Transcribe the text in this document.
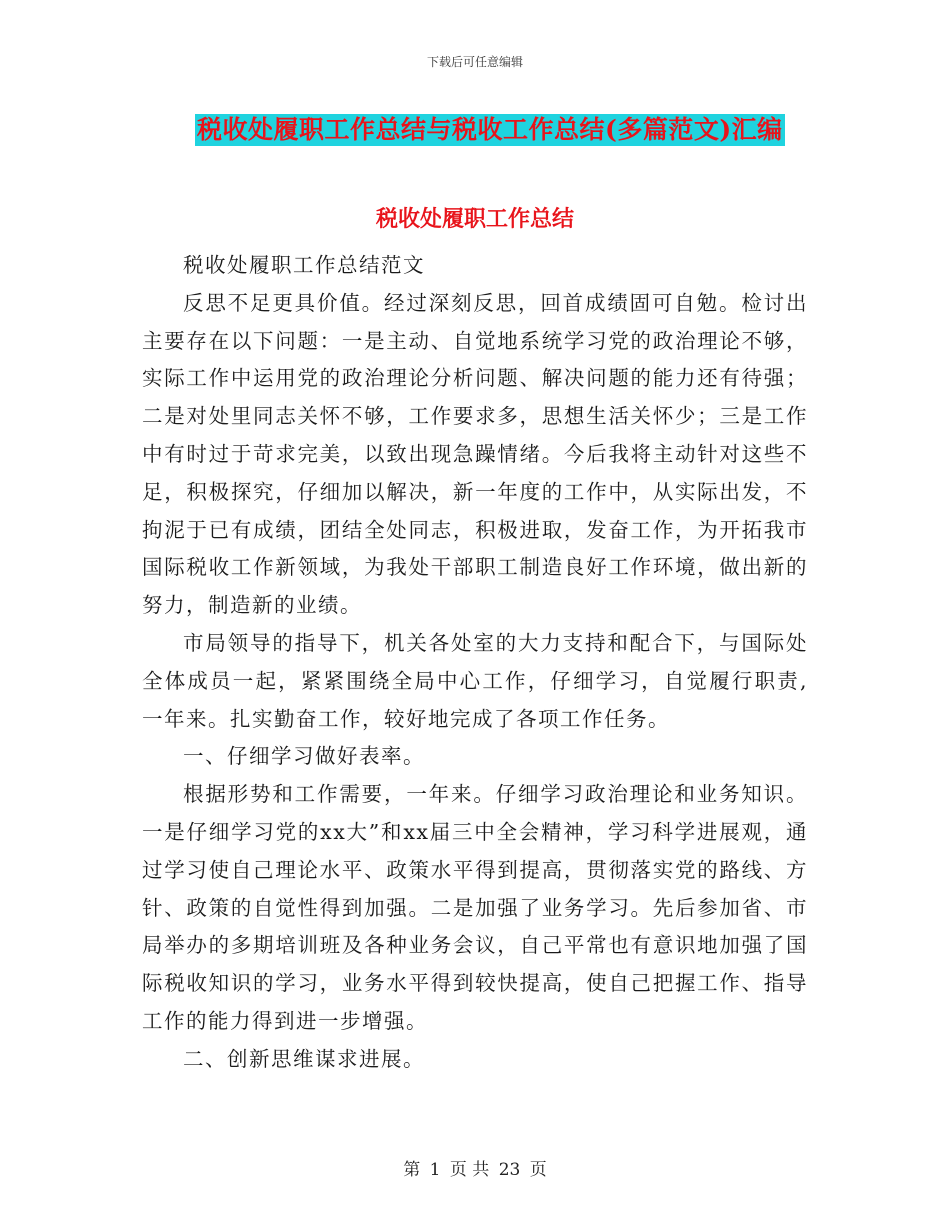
下载后可任意编辑
税收处履职工作总结与税收工作总结(多篇范文)汇编
税收处履职工作总结

税收处履职工作总结范文

反思不足更具价值。经过深刻反思，回首成绩固可自勉。检讨出主要存在以下问题：一是主动、自觉地系统学习党的政治理论不够，实际工作中运用党的政治理论分析问题、解决问题的能力还有待强；二是对处里同志关怀不够，工作要求多，思想生活关怀少；三是工作中有时过于苛求完美，以致出现急躁情绪。今后我将主动针对这些不足，积极探究，仔细加以解决，新一年度的工作中，从实际出发，不拘泥于已有成绩，团结全处同志，积极进取，发奋工作，为开拓我市国际税收工作新领域，为我处干部职工制造良好工作环境，做出新的努力，制造新的业绩。

市局领导的指导下，机关各处室的大力支持和配合下，与国际处全体成员一起，紧紧围绕全局中心工作，仔细学习，自觉履行职责,一年来。扎实勤奋工作，较好地完成了各项工作任务。

一、仔细学习做好表率。

根据形势和工作需要，一年来。仔细学习政治理论和业务知识。一是仔细学习党的xx大”和xx届三中全会精神，学习科学进展观，通过学习使自己理论水平、政策水平得到提高，贯彻落实党的路线、方针、政策的自觉性得到加强。二是加强了业务学习。先后参加省、市局举办的多期培训班及各种业务会议，自己平常也有意识地加强了国际税收知识的学习，业务水平得到较快提高，使自己把握工作、指导工作的能力得到进一步增强。

二、创新思维谋求进展。

第 1 页 共 23 页
